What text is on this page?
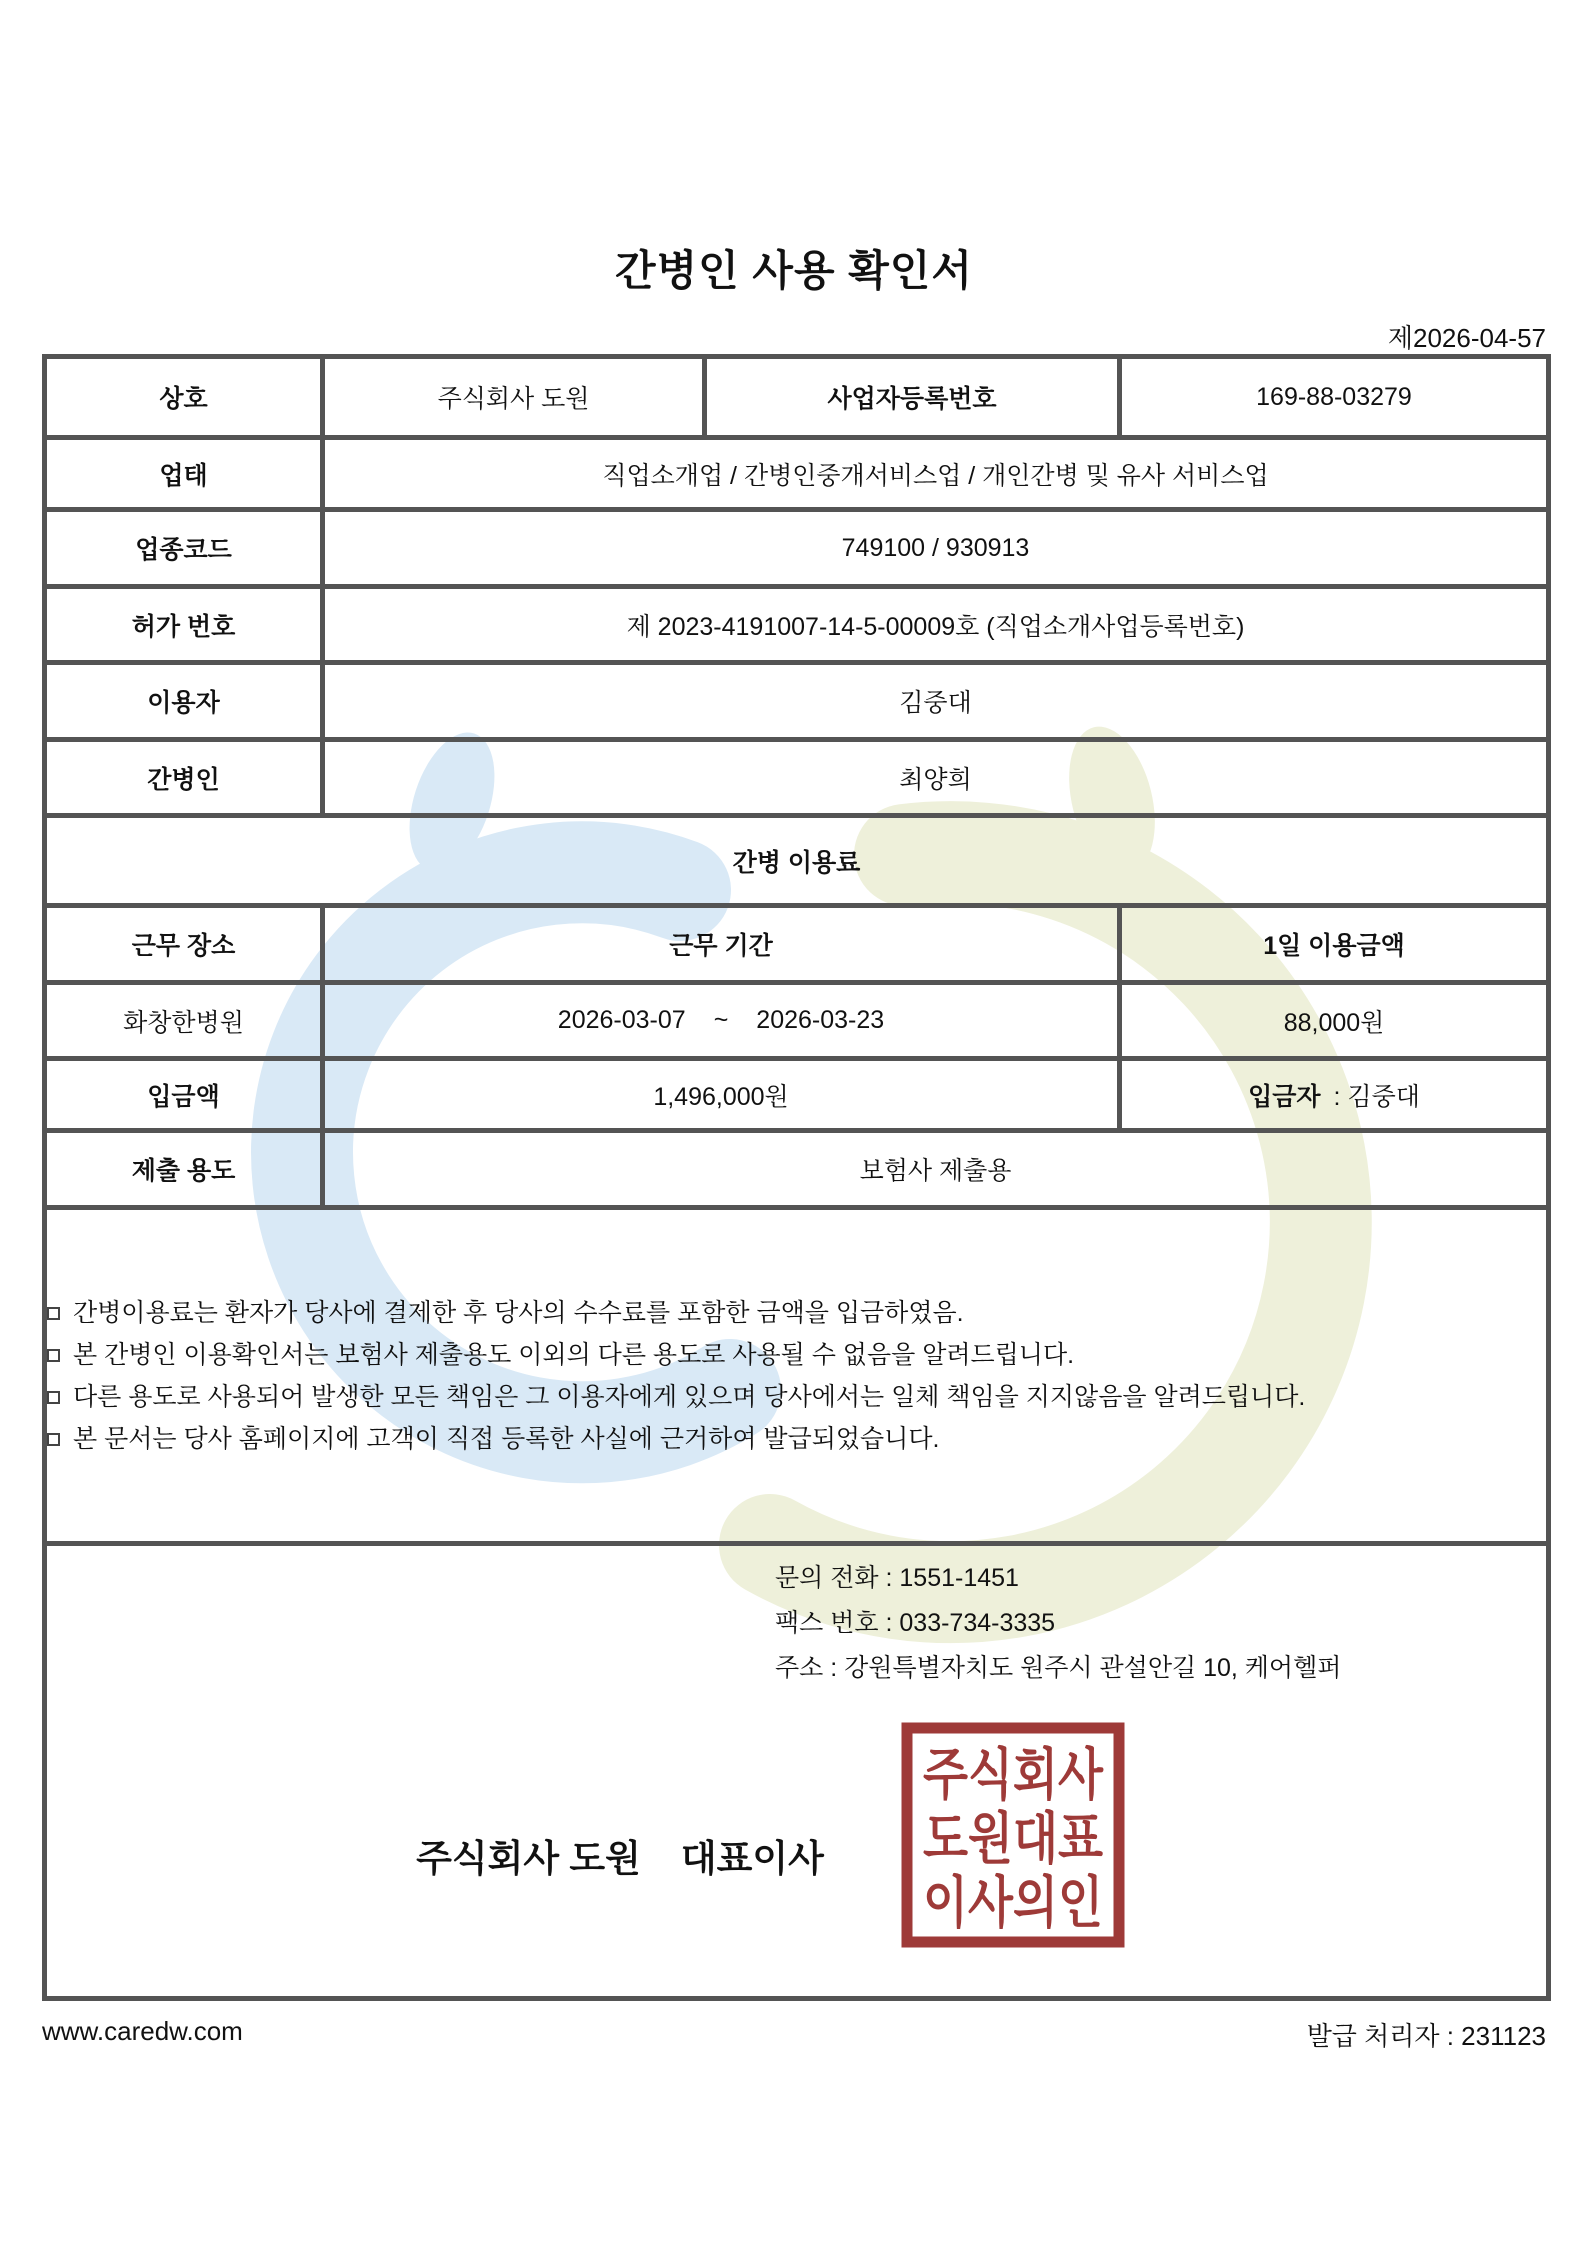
간병인 사용 확인서
제2026-04-57
상호	주식회사 도원	사업자등록번호	169-88-03279
업태	직업소개업 / 간병인중개서비스업 / 개인간병 및 유사 서비스업		
업종코드	749100 / 930913		
허가 번호	제 2023-4191007-14-5-00009호 (직업소개사업등록번호)		
이용자	김중대		
간병인	최양희		
간병 이용료			
근무 장소	근무 기간		1일 이용금액
화창한병원	2026-03-07 ~ 2026-03-23		88,000원
입금액	1,496,000원		입금자 : 김중대
제출 용도	보험사 제출용		

간병이용료는 환자가 당사에 결제한 후 당사의 수수료를 포함한 금액을 입금하였음.
본 간병인 이용확인서는 보험사 제출용도 이외의 다른 용도로 사용될 수 없음을 알려드립니다.
다른 용도로 사용되어 발생한 모든 책임은 그 이용자에게 있으며 당사에서는 일체 책임을 지지않음을 알려드립니다.
본 문서는 당사 홈페이지에 고객이 직접 등록한 사실에 근거하여 발급되었습니다.			

문의 전화 : 1551-1451
팩스 번호 : 033-734-3335
주소 : 강원특별자치도 원주시 관설안길 10, 케어헬퍼
주식회사 도원 대표이사
주식회사
도원대표
이사의인
www.caredw.com	발급 처리자 : 231123
